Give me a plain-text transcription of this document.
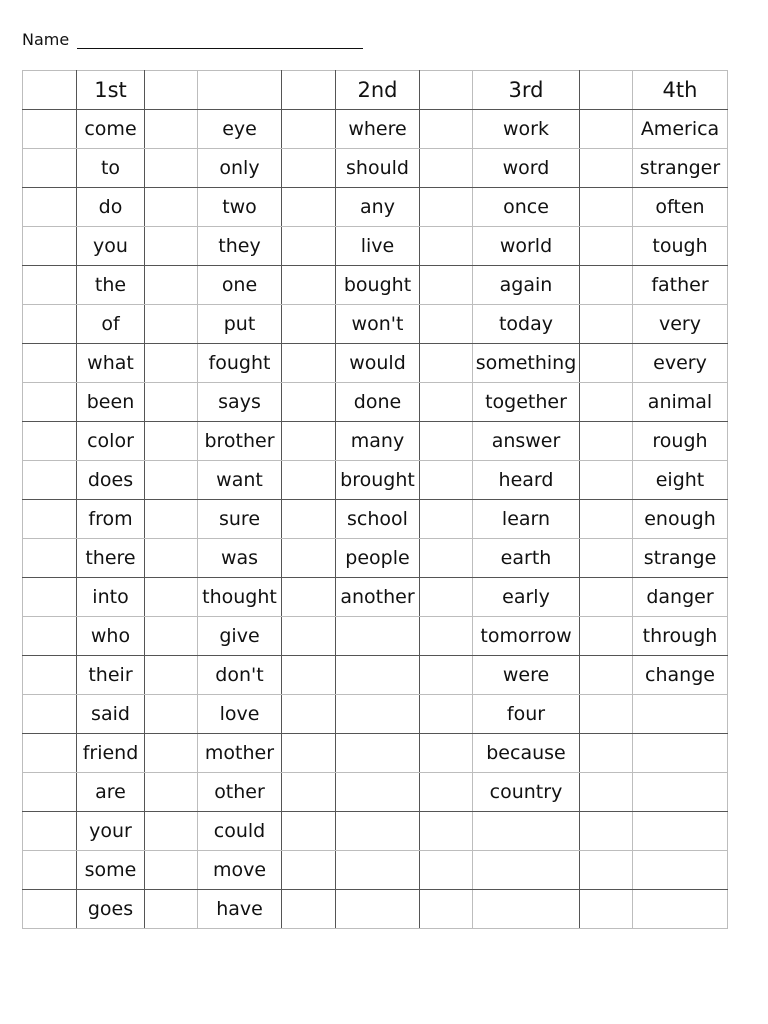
Name
	1st				2nd		3rd		4th
	come		eye		where		work		America
	to		only		should		word		stranger
	do		two		any		once		often
	you		they		live		world		tough
	the		one		bought		again		father
	of		put		won't		today		very
	what		fought		would		something		every
	been		says		done		together		animal
	color		brother		many		answer		rough
	does		want		brought		heard		eight
	from		sure		school		learn		enough
	there		was		people		earth		strange
	into		thought		another		early		danger
	who		give				tomorrow		through
	their		don't				were		change
	said		love				four		
	friend		mother				because		
	are		other				country		
	your		could						
	some		move						
	goes		have						
